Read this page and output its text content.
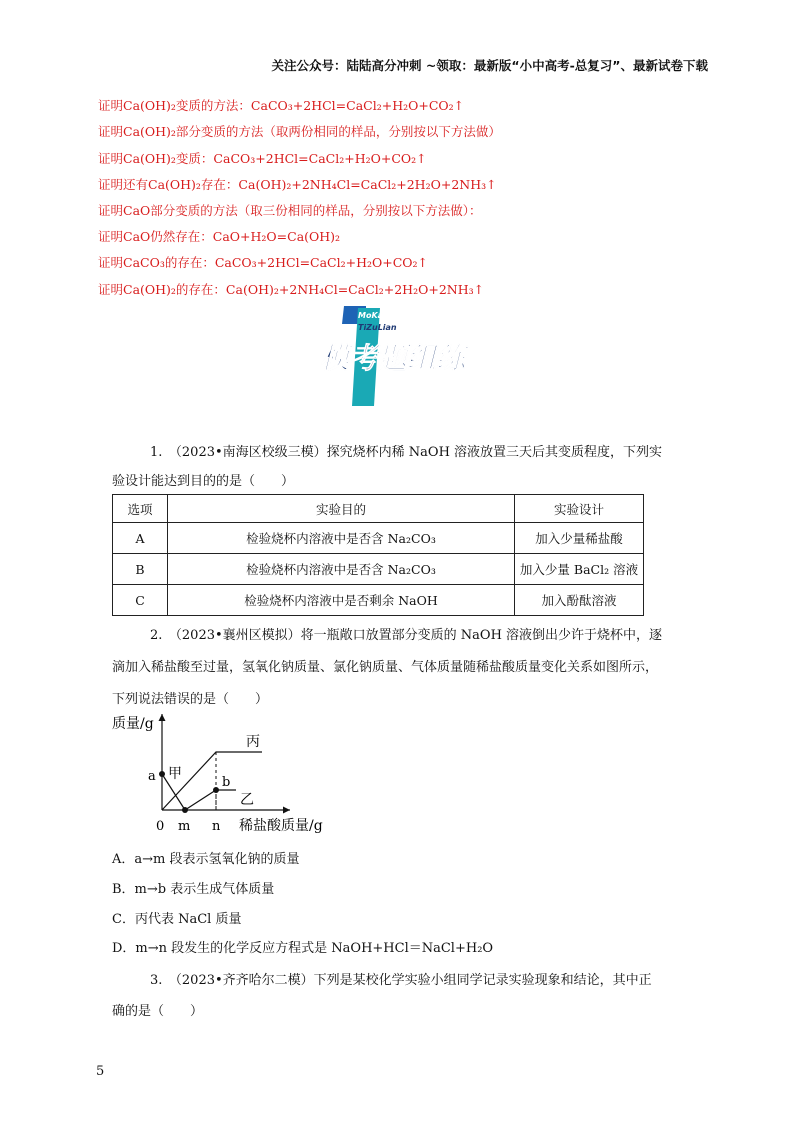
关注公众号：陆陆高分冲刺 ~领取：最新版“小中高考-总复习”、最新试卷下载
证明Ca(OH)₂变质的方法：CaCO₃+2HCl=CaCl₂+H₂O+CO₂↑
证明Ca(OH)₂部分变质的方法（取两份相同的样品，分别按以下方法做）
证明Ca(OH)₂变质：CaCO₃+2HCl=CaCl₂+H₂O+CO₂↑
证明还有Ca(OH)₂存在：Ca(OH)₂+2NH₄Cl=CaCl₂+2H₂O+2NH₃↑
证明CaO部分变质的方法（取三份相同的样品，分别按以下方法做）：
证明CaO仍然存在：CaO+H₂O=Ca(OH)₂
证明CaCO₃的存在：CaCO₃+2HCl=CaCl₂+H₂O+CO₂↑
证明Ca(OH)₂的存在：Ca(OH)₂+2NH₄Cl=CaCl₂+2H₂O+2NH₃↑
MoKao
TiZuLian
模考题组练
1.　（2023•南海区校级三模）探究烧杯内稀 NaOH 溶液放置三天后其变质程度，下列实
验设计能达到目的的是（　　）
选项	实验目的	实验设计
A	检验烧杯内溶液中是否含 Na₂CO₃	加入少量稀盐酸
B	检验烧杯内溶液中是否含 Na₂CO₃	加入少量 BaCl₂ 溶液
C	检验烧杯内溶液中是否剩余 NaOH	加入酚酞溶液
2.　（2023•襄州区模拟）将一瓶敞口放置部分变质的 NaOH 溶液倒出少许于烧杯中，逐
滴加入稀盐酸至过量，氢氧化钠质量、氯化钠质量、气体质量随稀盐酸质量变化关系如图所示，
下列说法错误的是（　　）
质量/g
a 甲
丙
b
乙
0 m n 稀盐酸质量/g
A．a→m 段表示氢氧化钠的质量
B．m→b 表示生成气体质量
C．丙代表 NaCl 质量
D．m→n 段发生的化学反应方程式是 NaOH+HCl＝NaCl+H₂O
3.　（2023•齐齐哈尔二模）下列是某校化学实验小组同学记录实验现象和结论，其中正
确的是（　　）
5
